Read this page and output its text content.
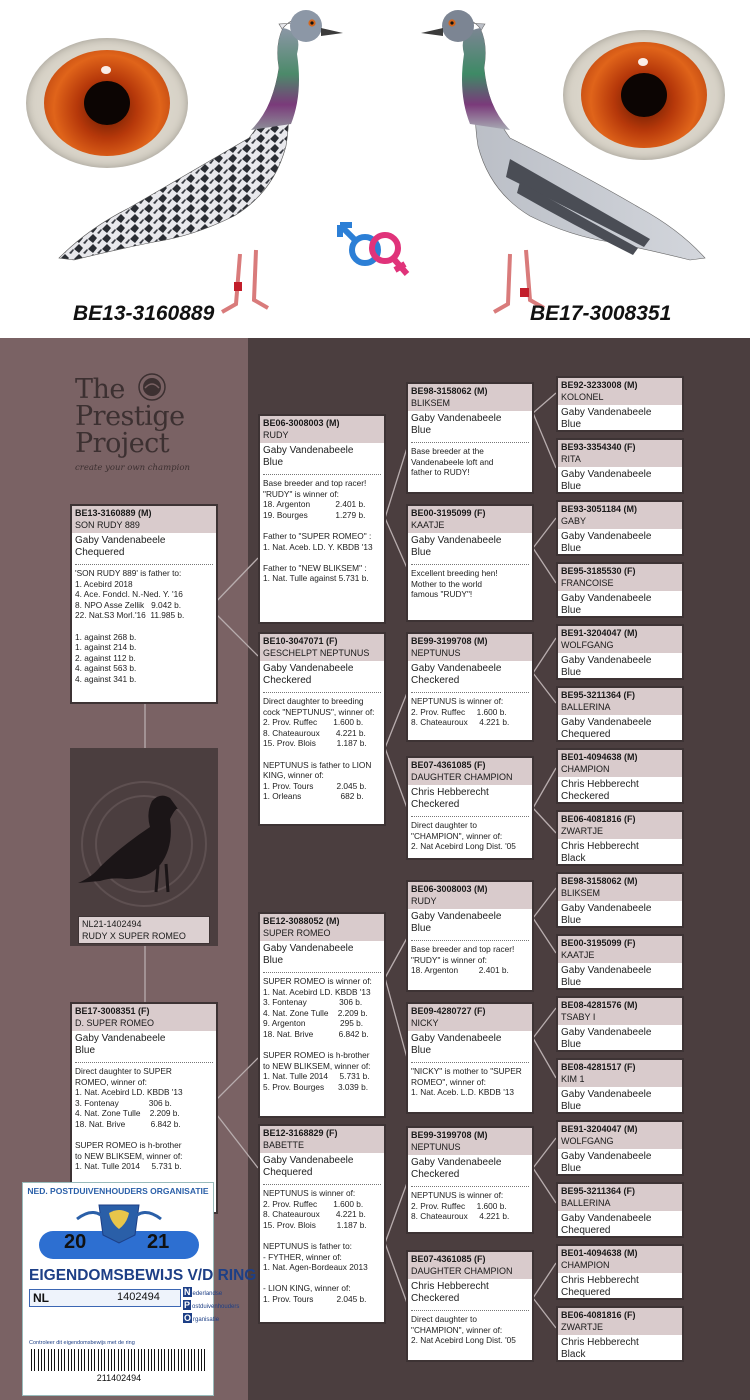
BE13-3160889	BE17-3008351
The
Prestige
Project
create your own champion
NL21-1402494
RUDY X SUPER ROMEO
BE13-3160889 (M)
SON RUDY 889
Gaby Vandenabeele
Chequered
'SON RUDY 889' is father to:
1. Acebird 2018
4. Ace. Fondcl. N.-Ned. Y. '16
8. NPO Asse Zellik   9.042 b.
22. Nat.S3 Morl.'16  11.985 b.

1. against 268 b.
1. against 214 b.
2. against 112 b.
4. against 563 b.
4. against 341 b.
BE17-3008351 (F)
D. SUPER ROMEO
Gaby Vandenabeele
Blue
Direct daughter to SUPER
ROMEO, winner of:
1. Nat. Acebird LD. KBDB '13
3. Fontenay             306 b.
4. Nat. Zone Tulle    2.209 b.
18. Nat. Brive           6.842 b.

SUPER ROMEO is h-brother
to NEW BLIKSEM, winner of:
1. Nat. Tulle 2014     5.731 b.
BE06-3008003 (M)
RUDY
Gaby Vandenabeele
Blue
Base breeder and top racer!
"RUDY" is winner of:
18. Argenton           2.401 b.
19. Bourges            1.279 b.

Father to "SUPER ROMEO" :
1. Nat. Aceb. LD. Y. KBDB '13

Father to "NEW BLIKSEM" :
1. Nat. Tulle against 5.731 b.
BE10-3047071 (F)
GESCHELPT NEPTUNUS
Gaby Vandenabeele
Checkered
Direct daughter to breeding
cock "NEPTUNUS", winner of:
2. Prov. Ruffec       1.600 b.
8. Chateauroux       4.221 b.
15. Prov. Blois         1.187 b.

NEPTUNUS is father to LION
KING, winner of:
1. Prov. Tours          2.045 b.
1. Orleans                 682 b.
BE12-3088052 (M)
SUPER ROMEO
Gaby Vandenabeele
Blue
SUPER ROMEO is winner of:
1. Nat. Acebird LD. KBDB '13
3. Fontenay              306 b.
4. Nat. Zone Tulle    2.209 b.
9. Argenton               295 b.
18. Nat. Brive           6.842 b.

SUPER ROMEO is h-brother
to NEW BLIKSEM, winner of:
1. Nat. Tulle 2014     5.731 b.
5. Prov. Bourges      3.039 b.
BE12-3168829 (F)
BABETTE
Gaby Vandenabeele
Chequered
NEPTUNUS is winner of:
2. Prov. Ruffec       1.600 b.
8. Chateauroux       4.221 b.
15. Prov. Blois         1.187 b.

NEPTUNUS is father to:
- FYTHER, winner of:
1. Nat. Agen-Bordeaux 2013

- LION KING, winner of:
1. Prov. Tours          2.045 b.
BE98-3158062 (M)
BLIKSEM
Gaby Vandenabeele
Blue
Base breeder at the
Vandenabeele loft and
father to RUDY!
BE00-3195099 (F)
KAATJE
Gaby Vandenabeele
Blue
Excellent breeding hen!
Mother to the world
famous "RUDY"!
BE99-3199708 (M)
NEPTUNUS
Gaby Vandenabeele
Checkered
NEPTUNUS is winner of:
2. Prov. Ruffec     1.600 b.
8. Chateauroux     4.221 b.
BE07-4361085 (F)
DAUGHTER CHAMPION
Chris Hebberecht
Checkered
Direct daughter to
"CHAMPION", winner of:
2. Nat Acebird Long Dist. '05
BE06-3008003 (M)
RUDY
Gaby Vandenabeele
Blue
Base breeder and top racer!
"RUDY" is winner of:
18. Argenton         2.401 b.
BE09-4280727 (F)
NICKY
Gaby Vandenabeele
Blue
"NICKY" is mother to "SUPER
ROMEO", winner of:
1. Nat. Aceb. L.D. KBDB '13
BE99-3199708 (M)
NEPTUNUS
Gaby Vandenabeele
Checkered
NEPTUNUS is winner of:
2. Prov. Ruffec     1.600 b.
8. Chateauroux     4.221 b.
BE07-4361085 (F)
DAUGHTER CHAMPION
Chris Hebberecht
Checkered
Direct daughter to
"CHAMPION", winner of:
2. Nat Acebird Long Dist. '05
BE92-3233008 (M)
KOLONEL
Gaby Vandenabeele
Blue
BE93-3354340 (F)
RITA
Gaby Vandenabeele
Blue
BE93-3051184 (M)
GABY
Gaby Vandenabeele
Blue
BE95-3185530 (F)
FRANCOISE
Gaby Vandenabeele
Blue
BE91-3204047 (M)
WOLFGANG
Gaby Vandenabeele
Blue
BE95-3211364 (F)
BALLERINA
Gaby Vandenabeele
Chequered
BE01-4094638 (M)
CHAMPION
Chris Hebberecht
Checkered
BE06-4081816 (F)
ZWARTJE
Chris Hebberecht
Black
BE98-3158062 (M)
BLIKSEM
Gaby Vandenabeele
Blue
BE00-3195099 (F)
KAATJE
Gaby Vandenabeele
Blue
BE08-4281576 (M)
TSABY I
Gaby Vandenabeele
Blue
BE08-4281517 (F)
KIM 1
Gaby Vandenabeele
Blue
BE91-3204047 (M)
WOLFGANG
Gaby Vandenabeele
Blue
BE95-3211364 (F)
BALLERINA
Gaby Vandenabeele
Chequered
BE01-4094638 (M)
CHAMPION
Chris Hebberecht
Chequered
BE06-4081816 (F)
ZWARTJE
Chris Hebberecht
Black
NED. POSTDUIVENHOUDERS ORGANISATIE
20	21
EIGENDOMSBEWIJS V/D RING
NL	1402494	N ederlandse
P ostduivenhouders
O rganisatie
Controleer dit eigendomsbewijs met de ring
211402494
